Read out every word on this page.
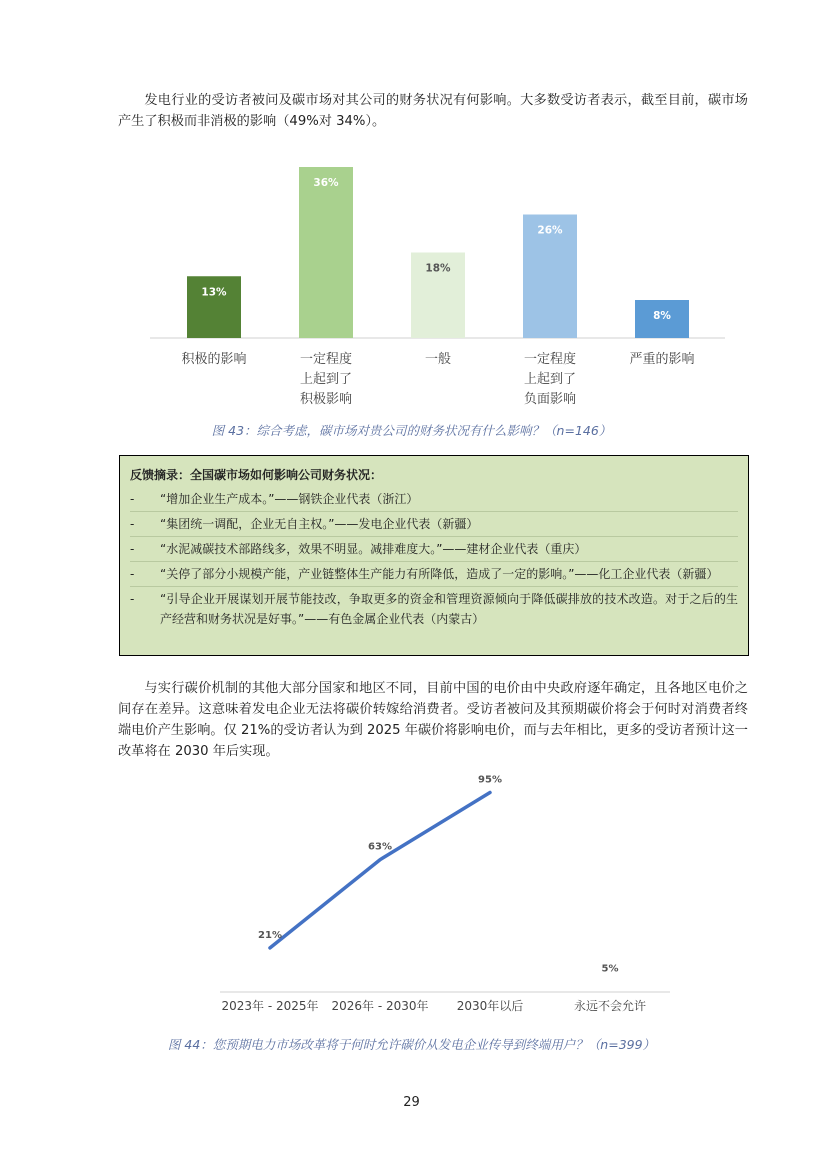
发电行业的受访者被问及碳市场对其公司的财务状况有何影响。大多数受访者表示，截至目前，碳市场产生了积极而非消极的影响（49%对 34%）。

13%
积极的影响
36%
一定程度
上起到了
积极影响
18%
一般
26%
一定程度
上起到了
负面影响
8%
严重的影响
图 43：综合考虑，碳市场对贵公司的财务状况有什么影响？（n=146）

反馈摘录：全国碳市场如何影响公司财务状况：

- “增加企业生产成本。”——钢铁企业代表（浙江）
- “集团统一调配，企业无自主权。”——发电企业代表（新疆）
- “水泥减碳技术部路线多，效果不明显。减排难度大。”——建材企业代表（重庆）
- “关停了部分小规模产能，产业链整体生产能力有所降低，造成了一定的影响。”——化工企业代表（新疆）
- “引导企业开展谋划开展节能技改，争取更多的资金和管理资源倾向于降低碳排放的技术改造。对于之后的生产经营和财务状况是好事。”——有色金属企业代表（内蒙古）

与实行碳价机制的其他大部分国家和地区不同，目前中国的电价由中央政府逐年确定，且各地区电价之间存在差异。这意味着发电企业无法将碳价转嫁给消费者。受访者被问及其预期碳价将会于何时对消费者终端电价产生影响。仅 21%的受访者认为到 2025 年碳价将影响电价，而与去年相比，更多的受访者预计这一改革将在 2030 年后实现。

21%
63%
95%
5%
2023年 - 2025年 2026年 - 2030年 2030年以后	永远不会允许
图 44：您预期电力市场改革将于何时允许碳价从发电企业传导到终端用户？（n=399）
29
